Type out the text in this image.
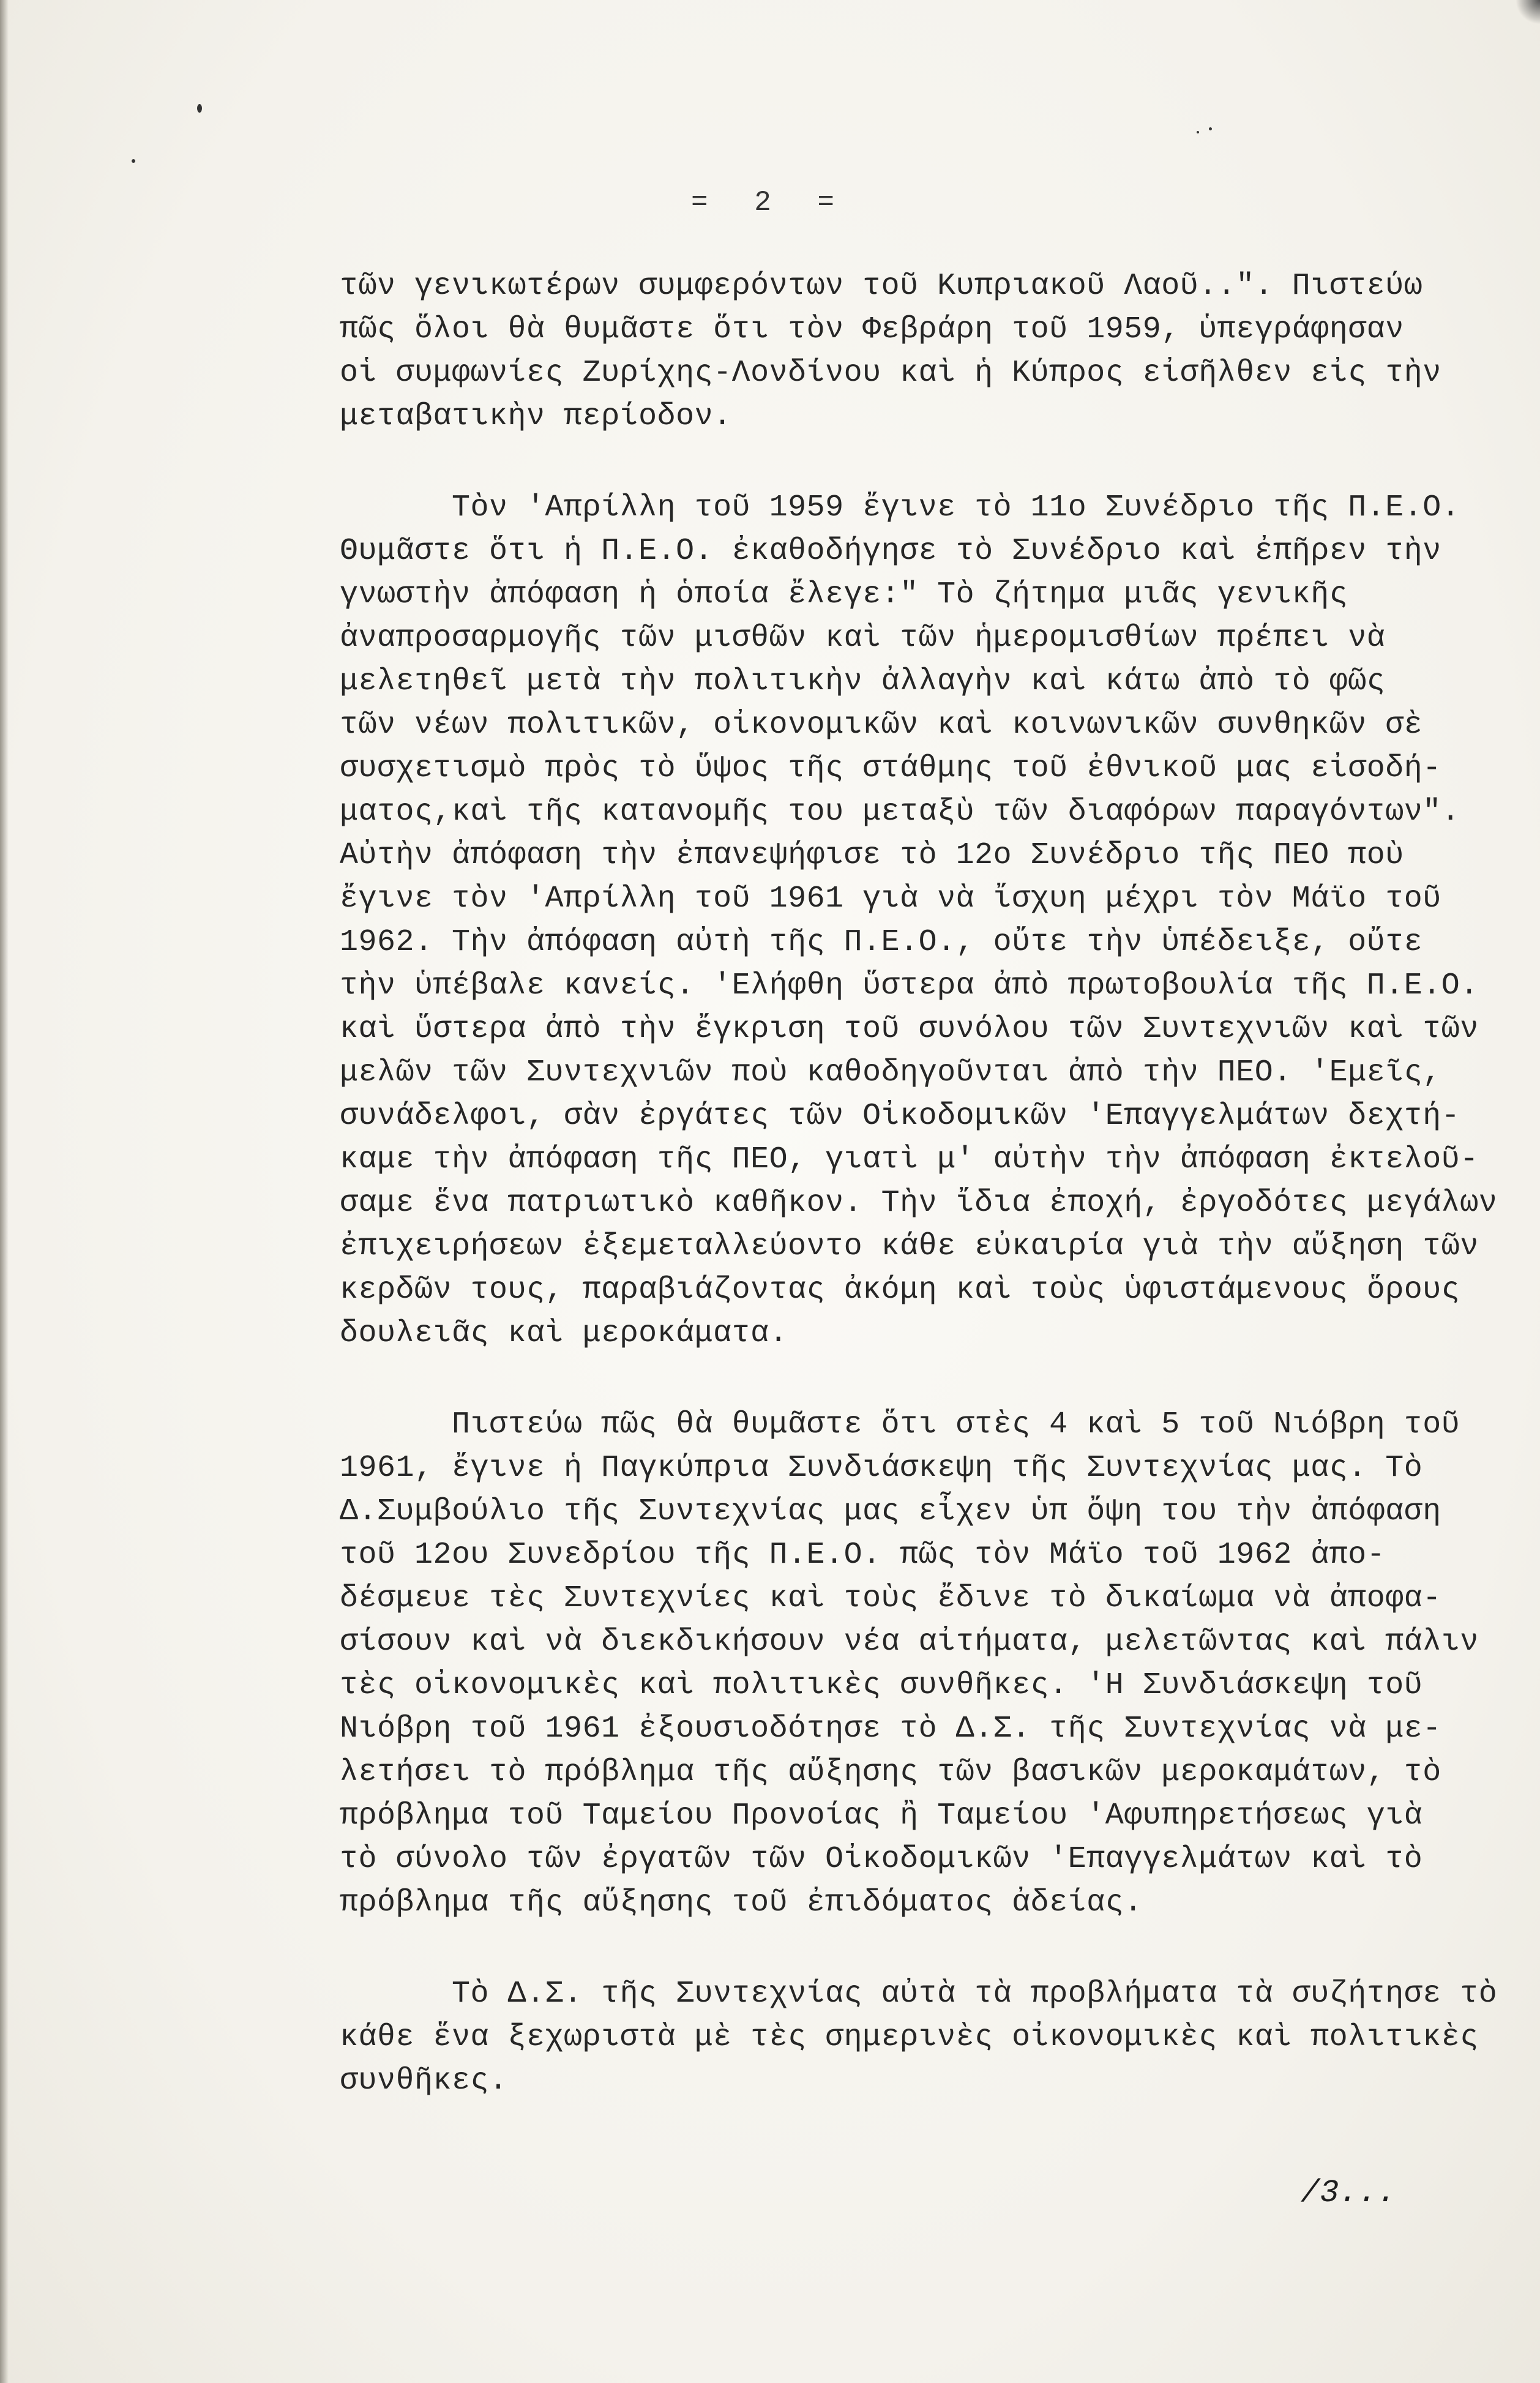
= 2 =
τῶν γενικωτέρων συμφερόντων τοῦ Κυπριακοῦ Λαοῦ..". Πιστεύω
πῶς ὅλοι θὰ θυμᾶστε ὅτι τὸν Φεβράρη τοῦ 1959, ὑπεγράφησαν
οἱ συμφωνίες Ζυρίχης-Λονδίνου καὶ ἡ Κύπρος εἰσῆλθεν εἰς τὴν
μεταβατικὴν περίοδον.
Τὸν 'Απρίλλη τοῦ 1959 ἔγινε τὸ 11ο Συνέδριο τῆς Π.Ε.Ο.
Θυμᾶστε ὅτι ἡ Π.Ε.Ο. ἐκαθοδήγησε τὸ Συνέδριο καὶ ἐπῆρεν τὴν
γνωστὴν ἀπόφαση ἡ ὁποία ἔλεγε:" Τὸ ζήτημα μιᾶς γενικῆς
ἀναπροσαρμογῆς τῶν μισθῶν καὶ τῶν ἡμερομισθίων πρέπει νὰ
μελετηθεῖ μετὰ τὴν πολιτικὴν ἀλλαγὴν καὶ κάτω ἀπὸ τὸ φῶς
τῶν νέων πολιτικῶν, οἰκονομικῶν καὶ κοινωνικῶν συνθηκῶν σὲ
συσχετισμὸ πρὸς τὸ ὕψος τῆς στάθμης τοῦ ἐθνικοῦ μας εἰσοδή-
ματος,καὶ τῆς κατανομῆς του μεταξὺ τῶν διαφόρων παραγόντων".
Αὐτὴν ἀπόφαση τὴν ἐπανεψήφισε τὸ 12ο Συνέδριο τῆς ΠΕΟ ποὺ
ἔγινε τὸν 'Απρίλλη τοῦ 1961 γιὰ νὰ ἴσχυη μέχρι τὸν Μάϊο τοῦ
1962. Τὴν ἀπόφαση αὐτὴ τῆς Π.Ε.Ο., οὔτε τὴν ὑπέδειξε, οὔτε
τὴν ὑπέβαλε κανείς. 'Ελήφθη ὕστερα ἀπὸ πρωτοβουλία τῆς Π.Ε.Ο.
καὶ ὕστερα ἀπὸ τὴν ἔγκριση τοῦ συνόλου τῶν Συντεχνιῶν καὶ τῶν
μελῶν τῶν Συντεχνιῶν ποὺ καθοδηγοῦνται ἀπὸ τὴν ΠΕΟ. 'Εμεῖς,
συνάδελφοι, σὰν ἐργάτες τῶν Οἰκοδομικῶν 'Επαγγελμάτων δεχτή-
καμε τὴν ἀπόφαση τῆς ΠΕΟ, γιατὶ μ' αὐτὴν τὴν ἀπόφαση ἐκτελοῦ-
σαμε ἕνα πατριωτικὸ καθῆκον. Τὴν ἴδια ἐποχή, ἐργοδότες μεγάλων
ἐπιχειρήσεων ἐξεμεταλλεύοντο κάθε εὐκαιρία γιὰ τὴν αὔξηση τῶν
κερδῶν τους, παραβιάζοντας ἀκόμη καὶ τοὺς ὑφιστάμενους ὅρους
δουλειᾶς καὶ μεροκάματα.
Πιστεύω πῶς θὰ θυμᾶστε ὅτι στὲς 4 καὶ 5 τοῦ Νιόβρη τοῦ
1961, ἔγινε ἡ Παγκύπρια Συνδιάσκεψη τῆς Συντεχνίας μας. Τὸ
Δ.Συμβούλιο τῆς Συντεχνίας μας εἶχεν ὑπ ὄψη του τὴν ἀπόφαση
τοῦ 12ου Συνεδρίου τῆς Π.Ε.Ο. πῶς τὸν Μάϊο τοῦ 1962 ἀπο-
δέσμευε τὲς Συντεχνίες καὶ τοὺς ἔδινε τὸ δικαίωμα νὰ ἀποφα-
σίσουν καὶ νὰ διεκδικήσουν νέα αἰτήματα, μελετῶντας καὶ πάλιν
τὲς οἰκονομικὲς καὶ πολιτικὲς συνθῆκες. 'Η Συνδιάσκεψη τοῦ
Νιόβρη τοῦ 1961 ἐξουσιοδότησε τὸ Δ.Σ. τῆς Συντεχνίας νὰ με-
λετήσει τὸ πρόβλημα τῆς αὔξησης τῶν βασικῶν μεροκαμάτων, τὸ
πρόβλημα τοῦ Ταμείου Προνοίας ἢ Ταμείου 'Αφυπηρετήσεως γιὰ
τὸ σύνολο τῶν ἐργατῶν τῶν Οἰκοδομικῶν 'Επαγγελμάτων καὶ τὸ
πρόβλημα τῆς αὔξησης τοῦ ἐπιδόματος ἀδείας.
Τὸ Δ.Σ. τῆς Συντεχνίας αὐτὰ τὰ προβλήματα τὰ συζήτησε τὸ
κάθε ἕνα ξεχωριστὰ μὲ τὲς σημερινὲς οἰκονομικὲς καὶ πολιτικὲς
συνθῆκες.
/3...
